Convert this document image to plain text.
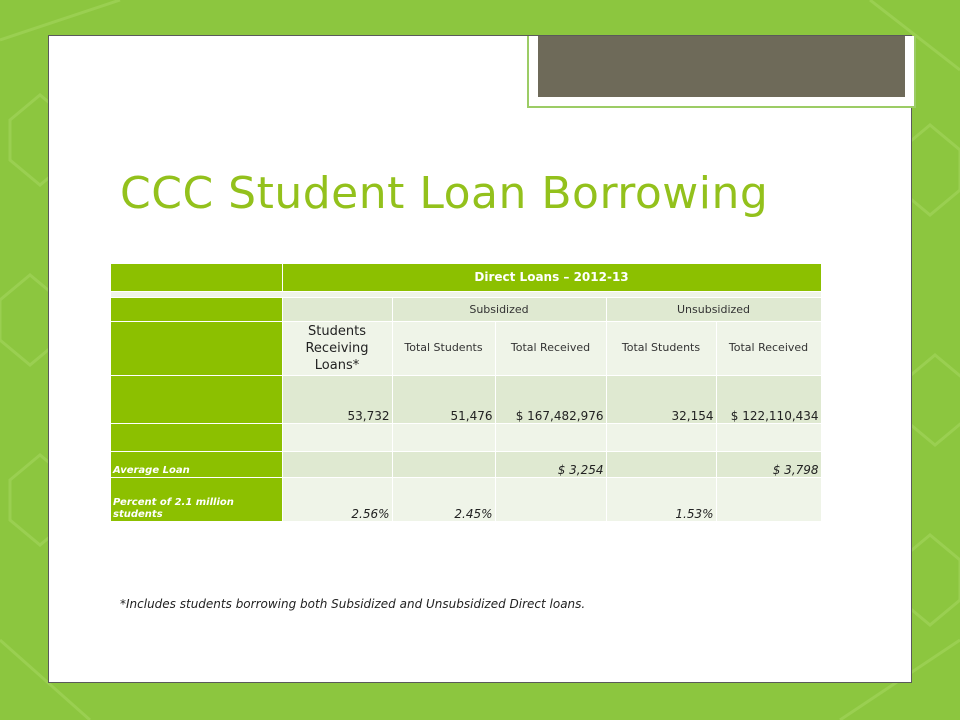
CCC Student Loan Borrowing
	Direct Loans – 2012-13				

		Subsidized		Unsubsidized	
	Students Receiving Loans*	Total Students	Total Received	Total Students	Total Received
	53,732	51,476	$ 167,482,976	32,154	$ 122,110,434

Average Loan			$ 3,254		$ 3,798
Percent of 2.1 million students	2.56%	2.45%		1.53%	

*Includes students borrowing both Subsidized and Unsubsidized Direct loans.
